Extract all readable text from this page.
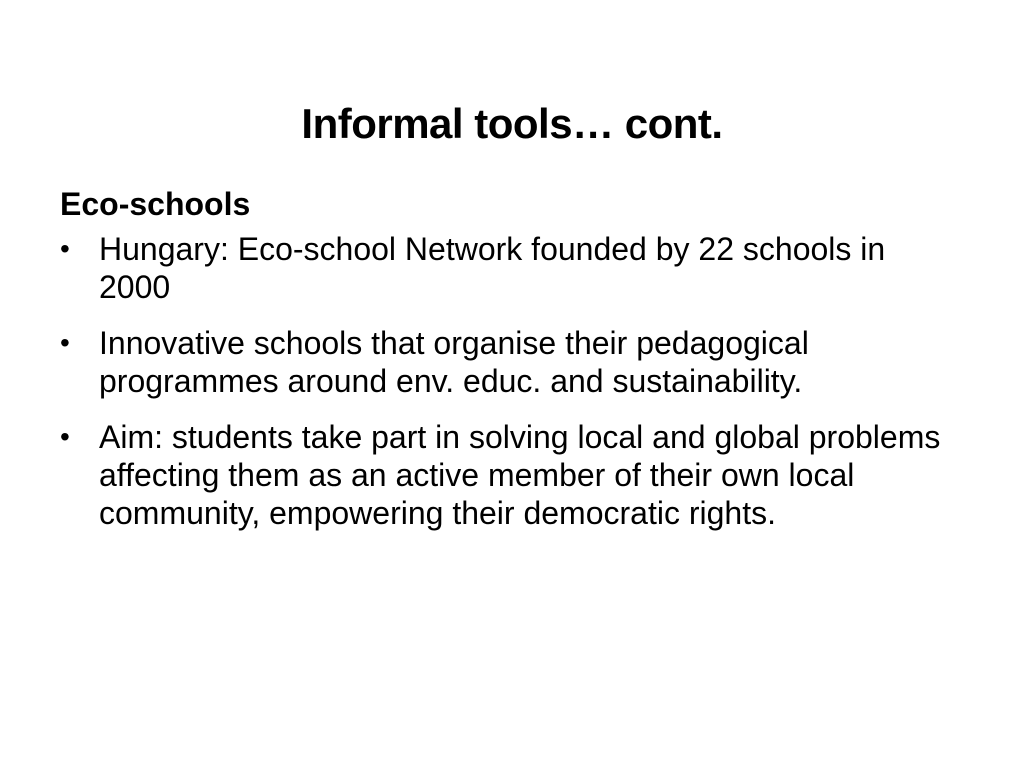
Informal tools… cont.
Eco-schools
• Hungary: Eco-school Network founded by 22 schools in 2000
• Innovative schools that organise their pedagogical programmes around env. educ. and sustainability.
• Aim: students take part in solving local and global problems affecting them as an active member of their own local community, empowering their democratic rights.
